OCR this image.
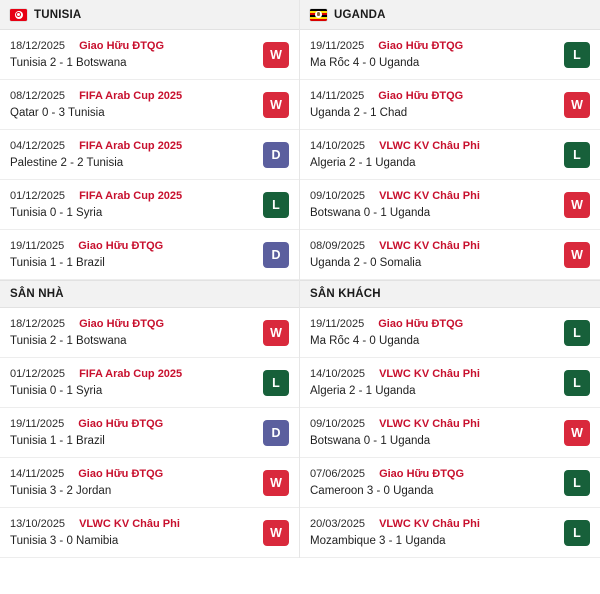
TUNISIA
18/12/2025 Giao Hữu ĐTQG
Tunisia 2 - 1 Botswana
W
08/12/2025 FIFA Arab Cup 2025
Qatar 0 - 3 Tunisia
W
04/12/2025 FIFA Arab Cup 2025
Palestine 2 - 2 Tunisia
D
01/12/2025 FIFA Arab Cup 2025
Tunisia 0 - 1 Syria
L
19/11/2025 Giao Hữu ĐTQG
Tunisia 1 - 1 Brazil
D
SÂN NHÀ
18/12/2025 Giao Hữu ĐTQG
Tunisia 2 - 1 Botswana
W
01/12/2025 FIFA Arab Cup 2025
Tunisia 0 - 1 Syria
L
19/11/2025 Giao Hữu ĐTQG
Tunisia 1 - 1 Brazil
D
14/11/2025 Giao Hữu ĐTQG
Tunisia 3 - 2 Jordan
W
13/10/2025 VLWC KV Châu Phi
Tunisia 3 - 0 Namibia
W
UGANDA
19/11/2025 Giao Hữu ĐTQG
Ma Rốc 4 - 0 Uganda
L
14/11/2025 Giao Hữu ĐTQG
Uganda 2 - 1 Chad
W
14/10/2025 VLWC KV Châu Phi
Algeria 2 - 1 Uganda
L
09/10/2025 VLWC KV Châu Phi
Botswana 0 - 1 Uganda
W
08/09/2025 VLWC KV Châu Phi
Uganda 2 - 0 Somalia
W
SÂN KHÁCH
19/11/2025 Giao Hữu ĐTQG
Ma Rốc 4 - 0 Uganda
L
14/10/2025 VLWC KV Châu Phi
Algeria 2 - 1 Uganda
L
09/10/2025 VLWC KV Châu Phi
Botswana 0 - 1 Uganda
W
07/06/2025 Giao Hữu ĐTQG
Cameroon 3 - 0 Uganda
L
20/03/2025 VLWC KV Châu Phi
Mozambique 3 - 1 Uganda
L
